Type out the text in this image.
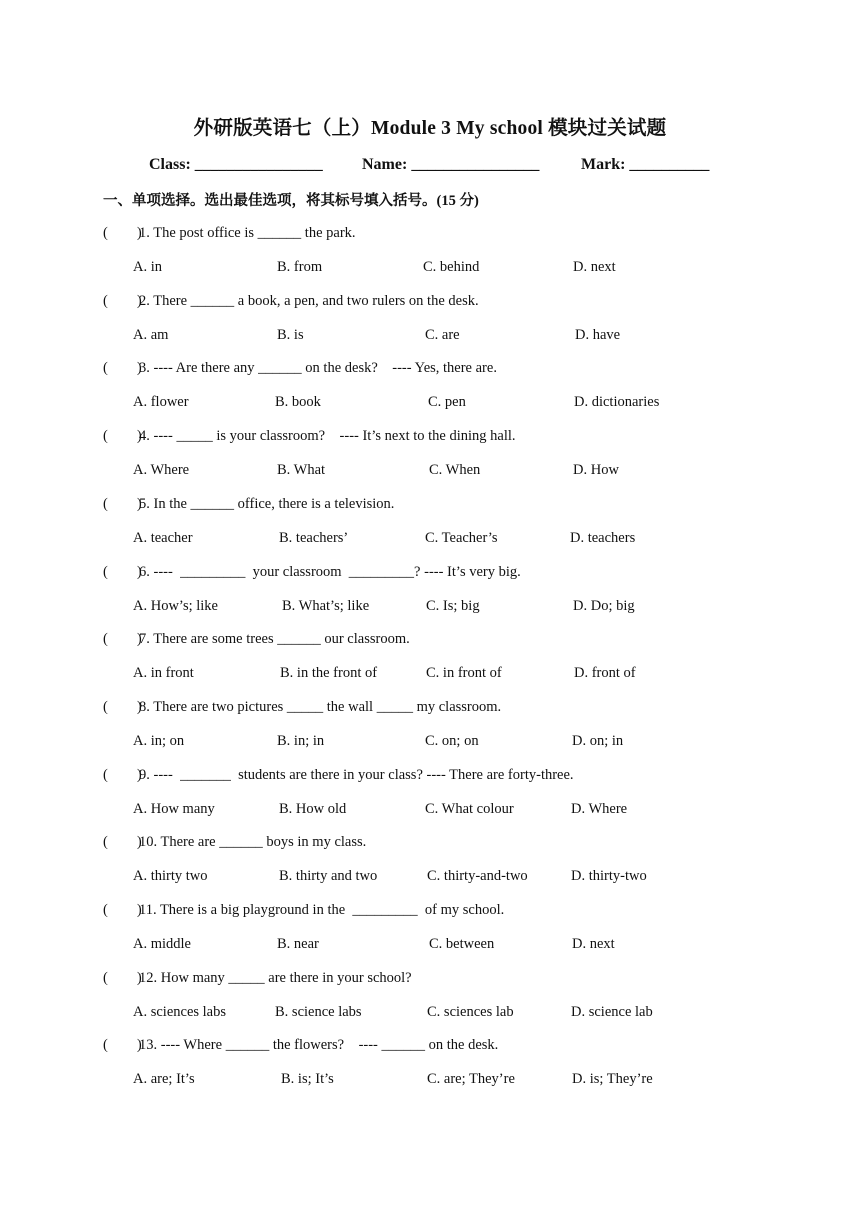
外研版英语七（上）Module 3 My school 模块过关试题
Class: ________________ Name: ________________	Mark: __________
一、单项选择。选出最佳选项，将其标号填入括号。(15 分)
(        )
1. The post office is ______ the park.
A. in	B. from	C. behind	D. next
(        )
2. There ______ a book, a pen, and two rulers on the desk.
A. am	B. is	C. are	D. have
(        )
3. ---- Are there any ______ on the desk?    ---- Yes, there are.
A. flower	B. book	C. pen	D. dictionaries
(        )
4. ---- _____ is your classroom?    ---- It’s next to the dining hall.
A. Where	B. What	C. When	D. How
(        )
5. In the ______ office, there is a television.
A. teacher	B. teachers’	C. Teacher’s	D. teachers
(        )
6. ----  _________  your classroom  _________? ---- It’s very big.
A. How’s; like	B. What’s; like	C. Is; big	D. Do; big
(        )
7. There are some trees ______ our classroom.
A. in front	B. in the front of	C. in front of	D. front of
(        )
8. There are two pictures _____ the wall _____ my classroom.
A. in; on	B. in; in	C. on; on	D. on; in
(        )
9. ----  _______  students are there in your class? ---- There are forty-three.
A. How many	B. How old	C. What colour	D. Where
(        )
10. There are ______ boys in my class.
A. thirty two	B. thirty and two	C. thirty-and-two	D. thirty-two
(        )
11. There is a big playground in the  _________  of my school.
A. middle	B. near	C. between	D. next
(        )
12. How many _____ are there in your school?
A. sciences labs	B. science labs	C. sciences lab	D. science lab
(        )
13. ---- Where ______ the flowers?    ---- ______ on the desk.
A. are; It’s	B. is; It’s	C. are; They’re	D. is; They’re
